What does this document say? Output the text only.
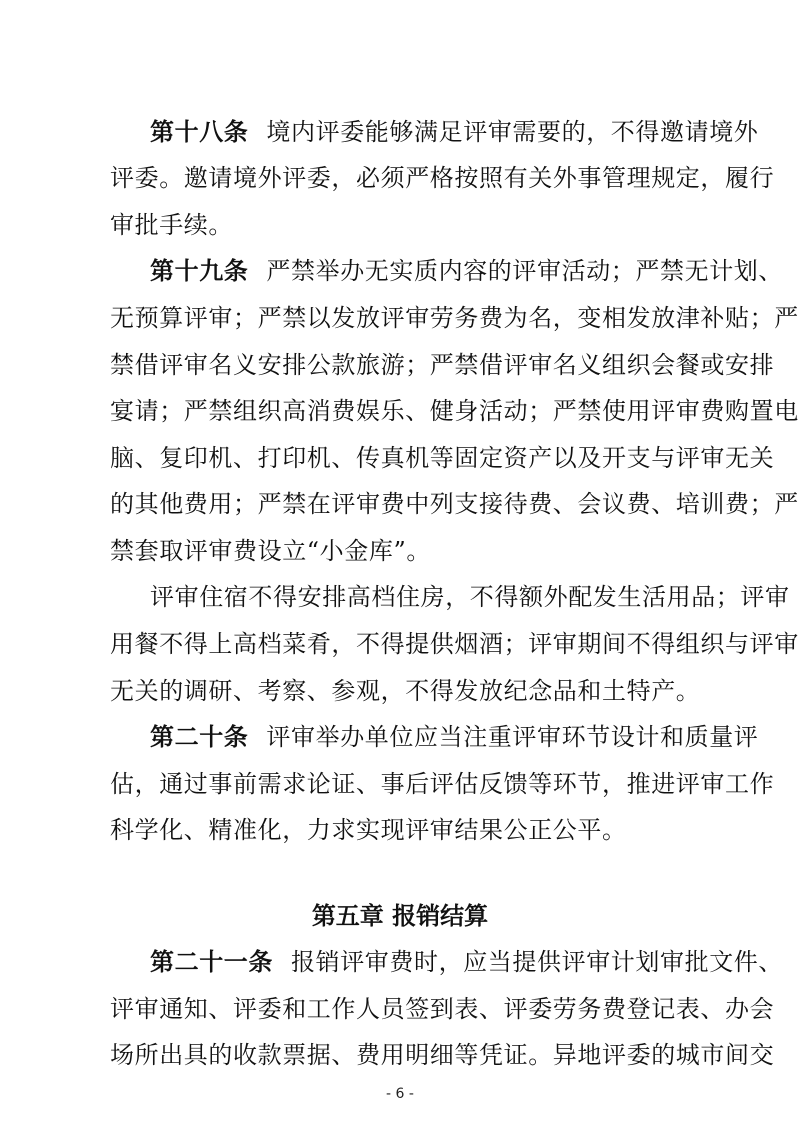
第十八条 境内评委能够满足评审需要的，不得邀请境外
评委。邀请境外评委，必须严格按照有关外事管理规定，履行
审批手续。
第十九条 严禁举办无实质内容的评审活动；严禁无计划、
无预算评审；严禁以发放评审劳务费为名，变相发放津补贴；严
禁借评审名义安排公款旅游；严禁借评审名义组织会餐或安排
宴请；严禁组织高消费娱乐、健身活动；严禁使用评审费购置电
脑、复印机、打印机、传真机等固定资产以及开支与评审无关
的其他费用；严禁在评审费中列支接待费、会议费、培训费；严
禁套取评审费设立“小金库”。
评审住宿不得安排高档住房，不得额外配发生活用品；评审
用餐不得上高档菜肴，不得提供烟酒；评审期间不得组织与评审
无关的调研、考察、参观，不得发放纪念品和土特产。
第二十条 评审举办单位应当注重评审环节设计和质量评
估，通过事前需求论证、事后评估反馈等环节，推进评审工作
科学化、精准化，力求实现评审结果公正公平。
第五章 报销结算
第二十一条 报销评审费时，应当提供评审计划审批文件、
评审通知、评委和工作人员签到表、评委劳务费登记表、办会
场所出具的收款票据、费用明细等凭证。异地评委的城市间交
- 6 -
